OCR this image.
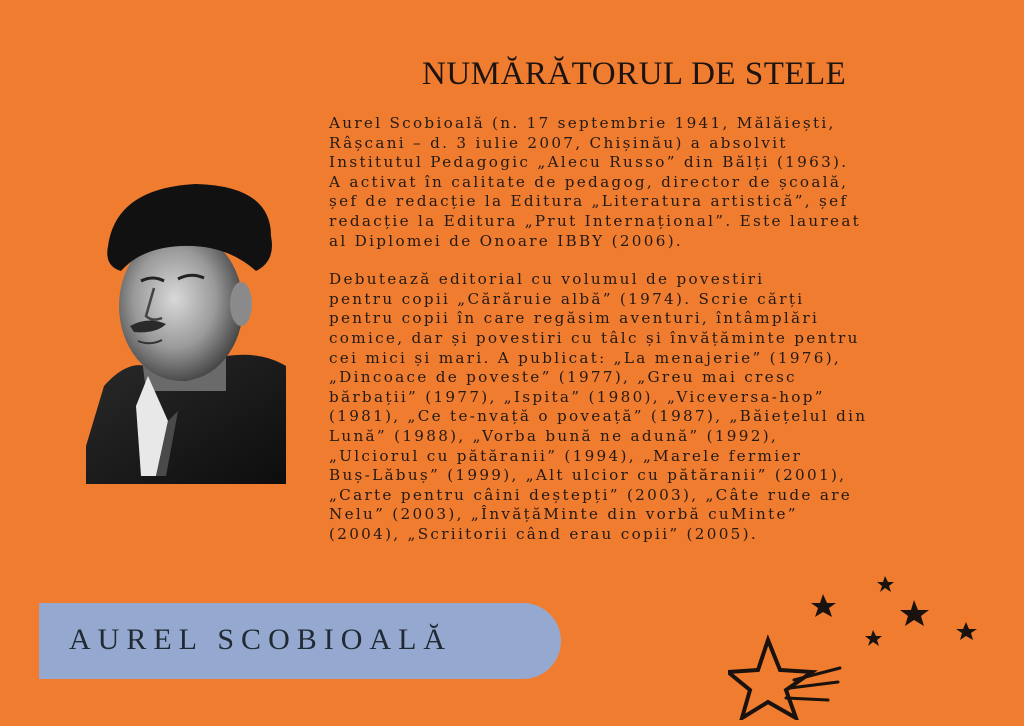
NUMĂRĂTORUL DE STELE

Aurel Scobioală (n. 17 septembrie 1941, Mălăiești,
Râșcani – d. 3 iulie 2007, Chișinău) a absolvit
Institutul Pedagogic „Alecu Russo” din Bălți (1963).
A activat în calitate de pedagog, director de școală,
șef de redacție la Editura „Literatura artistică”, șef
redacție la Editura „Prut Internațional”. Este laureat
al Diplomei de Onoare IBBY (2006).

Debutează editorial cu volumul de povestiri
pentru copii „Cărăruie albă” (1974). Scrie cărți
pentru copii în care regăsim aventuri, întâmplări
comice, dar și povestiri cu tâlc și învățăminte pentru
cei mici și mari. A publicat: „La menajerie” (1976),
„Dincoace de poveste” (1977), „Greu mai cresc
bărbații” (1977), „Ispita” (1980), „Viceversa-hop”
(1981), „Ce te-nvață o poveață” (1987), „Băiețelul din
Lună” (1988), „Vorba bună ne adună” (1992),
„Ulciorul cu pătăranii” (1994), „Marele fermier
Buș-Lăbuș” (1999), „Alt ulcior cu pătăranii” (2001),
„Carte pentru câini deștepți” (2003), „Câte rude are
Nelu” (2003), „ÎnvățăMinte din vorbă cuMinte”
(2004), „Scriitorii când erau copii” (2005).

AUREL SCOBIOALĂ
